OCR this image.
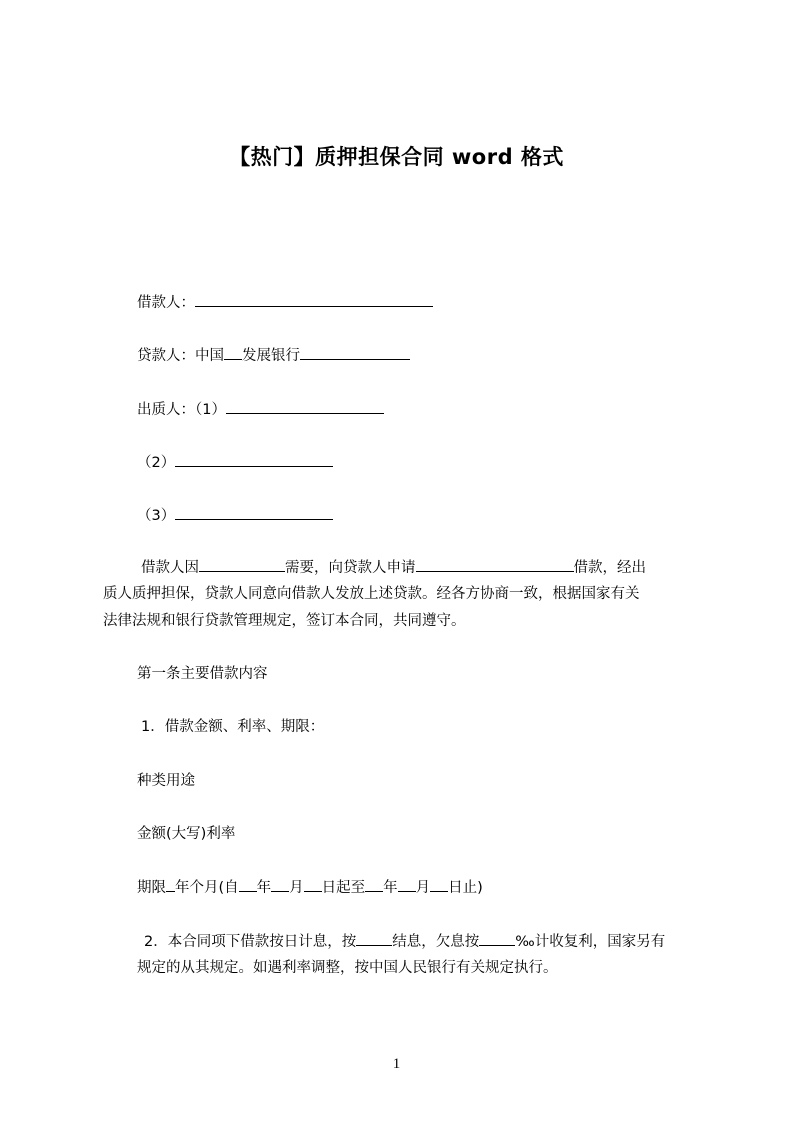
【热门】质押担保合同 word 格式
借款人：
贷款人：中国 发展银行
出质人：（1）
（2）
（3）
借款人因	需要，向贷款人申请	借款，经出
质人质押担保，贷款人同意向借款人发放上述贷款。经各方协商一致，根据国家有关
法律法规和银行贷款管理规定，签订本合同，共同遵守。
第一条主要借款内容
1．借款金额、利率、期限：
种类用途
金额(大写)利率
期限 年个月(自 年 月 日起至 年 月 日止)
2．本合同项下借款按日计息，按 结息，欠息按 ‰计收复利，国家另有
规定的从其规定。如遇利率调整，按中国人民银行有关规定执行。
1
